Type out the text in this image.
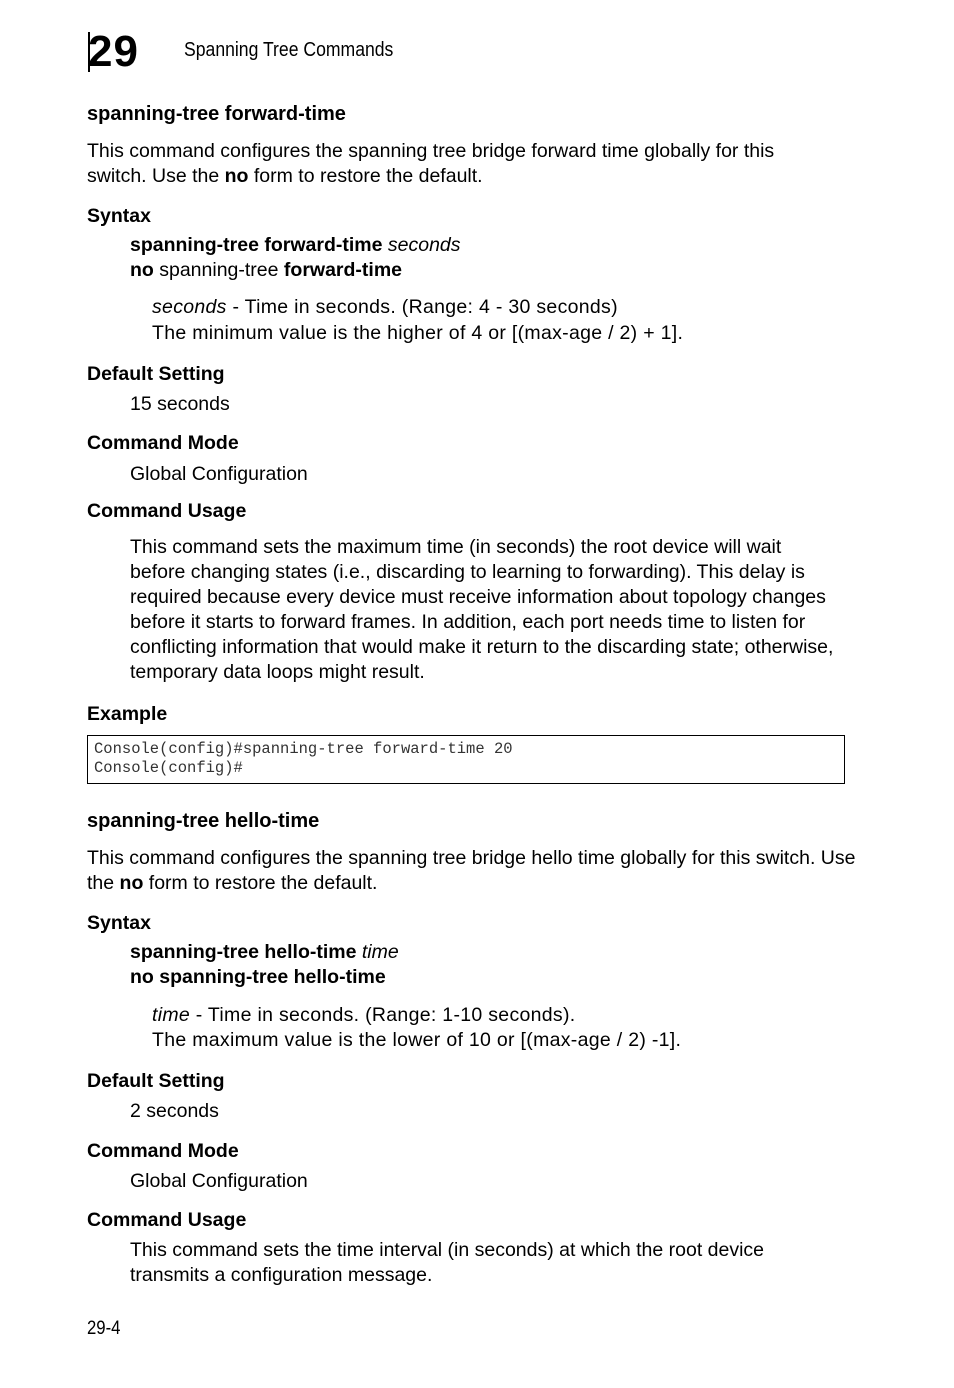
29 Spanning Tree Commands
spanning-tree forward-time
This command configures the spanning tree bridge forward time globally for this switch. Use the no form to restore the default.
Syntax
spanning-tree forward-time seconds
no spanning-tree forward-time
seconds - Time in seconds. (Range: 4 - 30 seconds)
The minimum value is the higher of 4 or [(max-age / 2) + 1].
Default Setting
15 seconds
Command Mode
Global Configuration
Command Usage
This command sets the maximum time (in seconds) the root device will wait before changing states (i.e., discarding to learning to forwarding). This delay is required because every device must receive information about topology changes before it starts to forward frames. In addition, each port needs time to listen for conflicting information that would make it return to the discarding state; otherwise, temporary data loops might result.
Example
Console(config)#spanning-tree forward-time 20
Console(config)#
spanning-tree hello-time
This command configures the spanning tree bridge hello time globally for this switch. Use the no form to restore the default.
Syntax
spanning-tree hello-time time
no spanning-tree hello-time
time - Time in seconds. (Range: 1-10 seconds).
The maximum value is the lower of 10 or [(max-age / 2) -1].
Default Setting
2 seconds
Command Mode
Global Configuration
Command Usage
This command sets the time interval (in seconds) at which the root device transmits a configuration message.
29-4
